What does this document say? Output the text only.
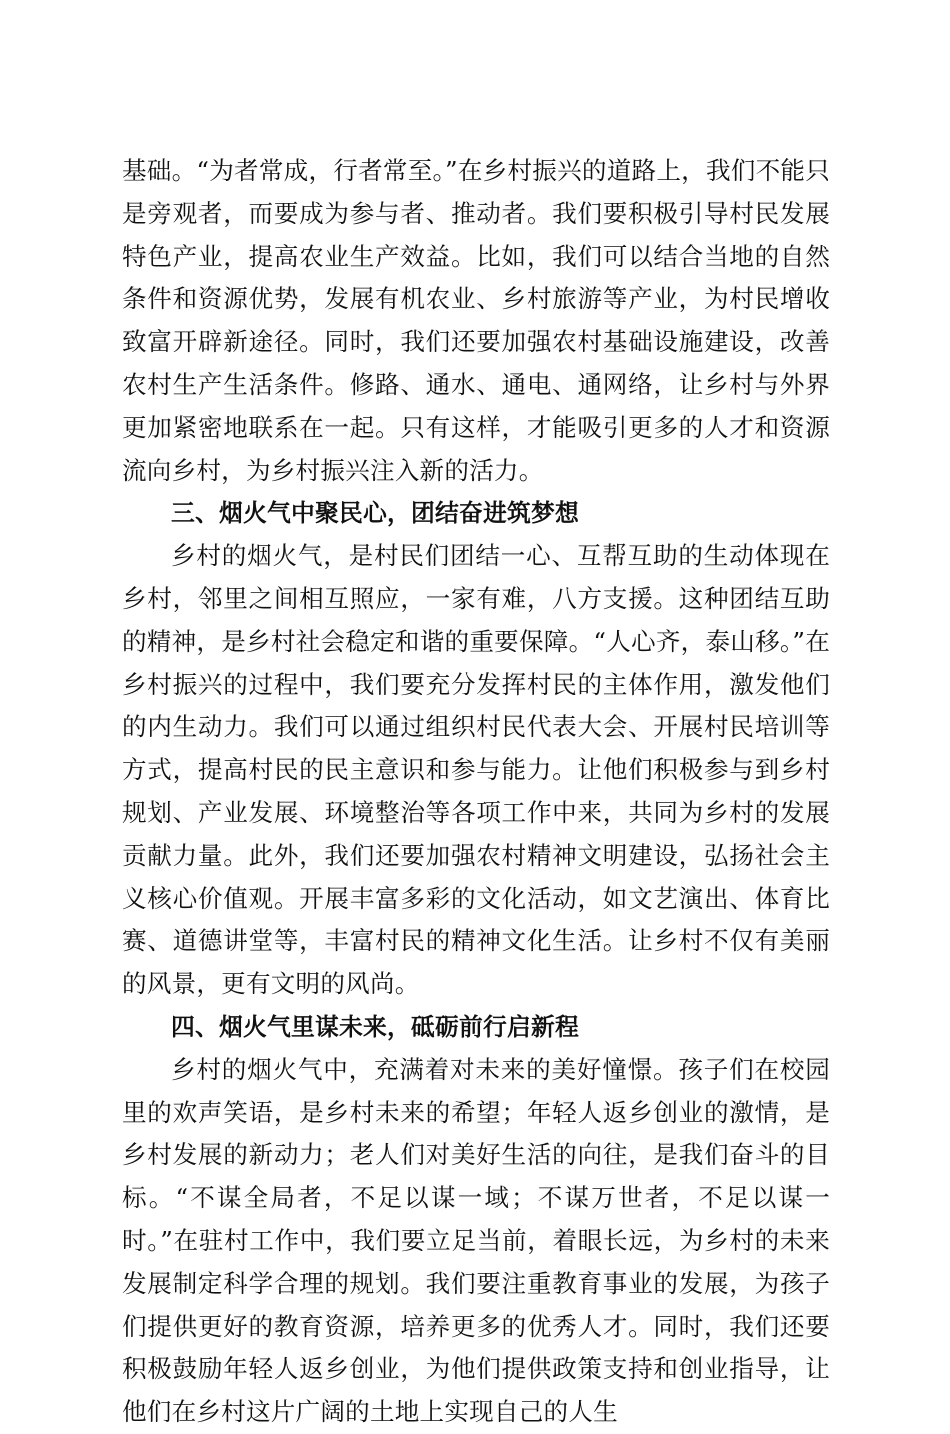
基础。“为者常成，行者常至。”在乡村振兴的道路上，我们不能只是旁观者，而要成为参与者、推动者。我们要积极引导村民发展特色产业，提高农业生产效益。比如，我们可以结合当地的自然条件和资源优势，发展有机农业、乡村旅游等产业，为村民增收致富开辟新途径。同时，我们还要加强农村基础设施建设，改善农村生产生活条件。修路、通水、通电、通网络，让乡村与外界更加紧密地联系在一起。只有这样，才能吸引更多的人才和资源流向乡村，为乡村振兴注入新的活力。

三、烟火气中聚民心，团结奋进筑梦想

乡村的烟火气，是村民们团结一心、互帮互助的生动体现在乡村，邻里之间相互照应，一家有难，八方支援。这种团结互助的精神，是乡村社会稳定和谐的重要保障。“人心齐，泰山移。”在乡村振兴的过程中，我们要充分发挥村民的主体作用，激发他们的内生动力。我们可以通过组织村民代表大会、开展村民培训等方式，提高村民的民主意识和参与能力。让他们积极参与到乡村规划、产业发展、环境整治等各项工作中来，共同为乡村的发展贡献力量。此外，我们还要加强农村精神文明建设，弘扬社会主义核心价值观。开展丰富多彩的文化活动，如文艺演出、体育比赛、道德讲堂等，丰富村民的精神文化生活。让乡村不仅有美丽的风景，更有文明的风尚。

四、烟火气里谋未来，砥砺前行启新程

乡村的烟火气中，充满着对未来的美好憧憬。孩子们在校园里的欢声笑语，是乡村未来的希望；年轻人返乡创业的激情，是乡村发展的新动力；老人们对美好生活的向往，是我们奋斗的目标。“不谋全局者，不足以谋一域；不谋万世者，不足以谋一时。”在驻村工作中，我们要立足当前，着眼长远，为乡村的未来发展制定科学合理的规划。我们要注重教育事业的发展，为孩子们提供更好的教育资源，培养更多的优秀人才。同时，我们还要积极鼓励年轻人返乡创业，为他们提供政策支持和创业指导，让他们在乡村这片广阔的土地上实现自己的人生
